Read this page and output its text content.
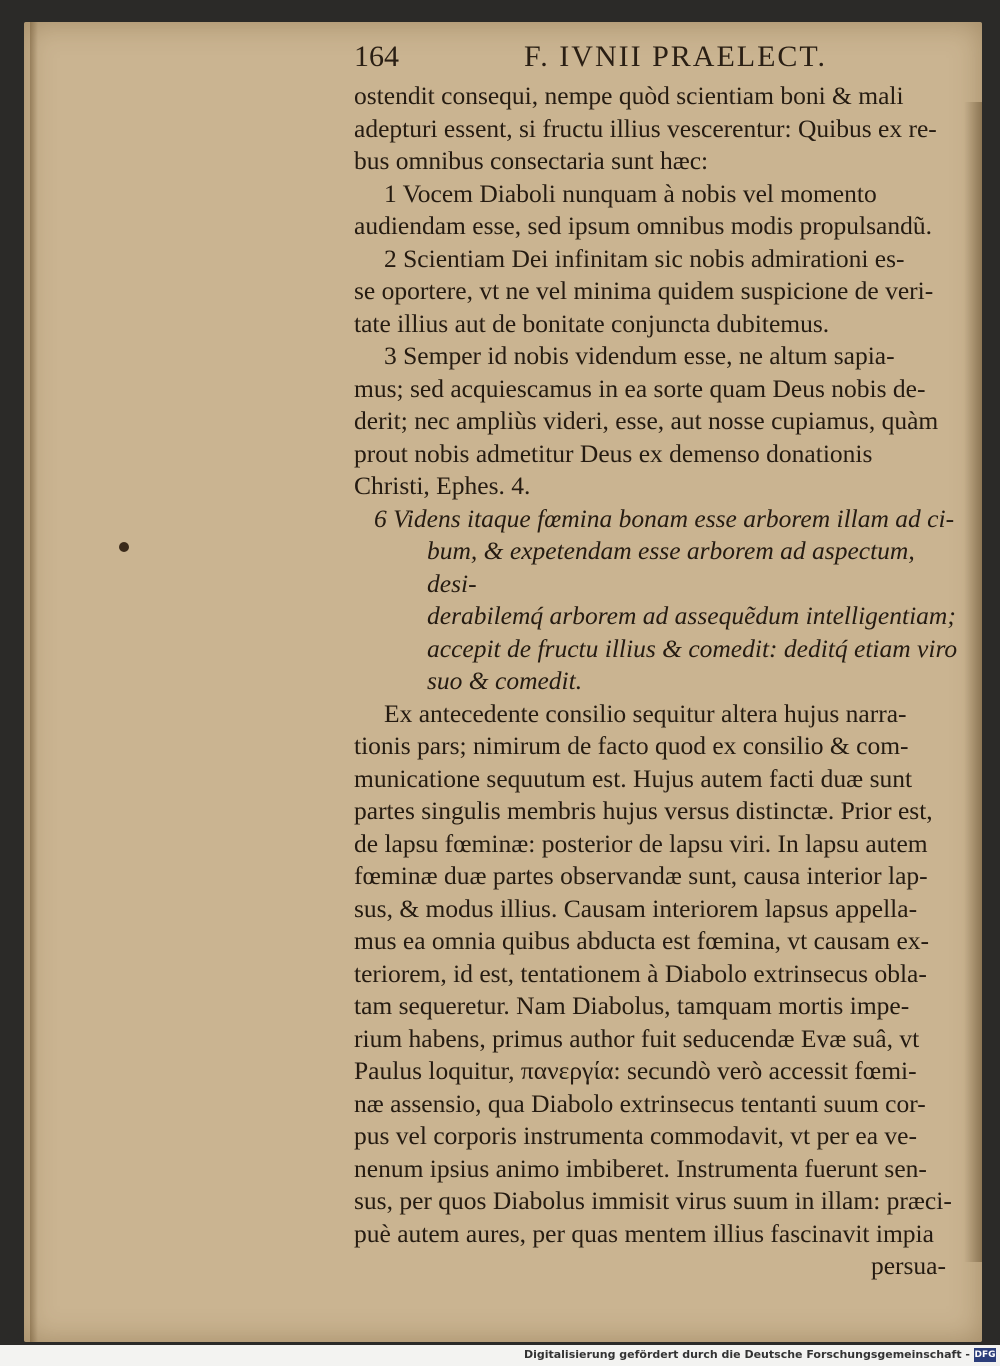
164	F. IVNII PRAELECT.

ostendit consequi, nempe quòd scientiam boni & mali

adepturi essent, si fructu illius vescerentur: Quibus ex re-

bus omnibus consectaria sunt hæc:

1 Vocem Diaboli nunquam à nobis vel momento

audiendam esse, sed ipsum omnibus modis propulsandũ.

2 Scientiam Dei infinitam sic nobis admirationi es-

se oportere, vt ne vel minima quidem suspicione de veri-

tate illius aut de bonitate conjuncta dubitemus.

3 Semper id nobis videndum esse, ne altum sapia-

mus; sed acquiescamus in ea sorte quam Deus nobis de-

derit; nec ampliùs videri, esse, aut nosse cupiamus, quàm

prout nobis admetitur Deus ex demenso donationis

Christi, Ephes. 4.

6 Videns itaque fœmina bonam esse arborem illam ad ci-

bum, & expetendam esse arborem ad aspectum, desi-

derabilemq́ arborem ad assequẽdum intelligentiam;

accepit de fructu illius & comedit: deditq́ etiam viro

suo & comedit.

Ex antecedente consilio sequitur altera hujus narra-

tionis pars; nimirum de facto quod ex consilio & com-

municatione sequutum est. Hujus autem facti duæ sunt

partes singulis membris hujus versus distinctæ. Prior est,

de lapsu fœminæ: posterior de lapsu viri. In lapsu autem

fœminæ duæ partes observandæ sunt, causa interior lap-

sus, & modus illius. Causam interiorem lapsus appella-

mus ea omnia quibus abducta est fœmina, vt causam ex-

teriorem, id est, tentationem à Diabolo extrinsecus obla-

tam sequeretur. Nam Diabolus, tamquam mortis impe-

rium habens, primus author fuit seducendæ Evæ suâ, vt

Paulus loquitur, πανεργία: secundò verò accessit fœmi-

næ assensio, qua Diabolo extrinsecus tentanti suum cor-

pus vel corporis instrumenta commodavit, vt per ea ve-

nenum ipsius animo imbiberet. Instrumenta fuerunt sen-

sus, per quos Diabolus immisit virus suum in illam: præci-

puè autem aures, per quas mentem illius fascinavit impia

persua-

Digitalisierung gefördert durch die Deutsche Forschungsgemeinschaft - DFG
